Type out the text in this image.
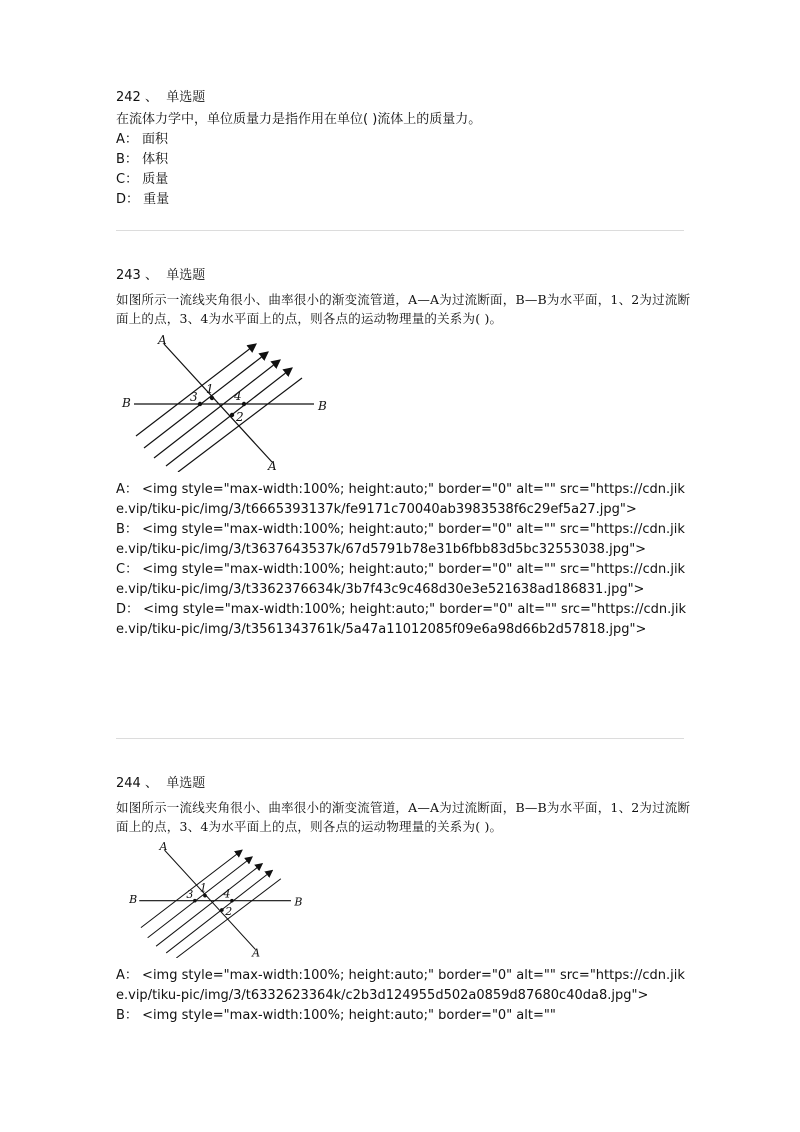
242 、  单选题
在流体力学中，单位质量力是指作用在单位( )流体上的质量力。
A： 面积
B： 体积
C： 质量
D： 重量
243 、  单选题
如图所示一流线夹角很小、曲率很小的渐变流管道，A—A为过流断面，B—B为水平面，1、2为过流断面上的点，3、4为水平面上的点，则各点的运动物理量的关系为( )。
A
A
B	B
1
2
3	4
A： <img style="max-width:100%; height:auto;" border="0" alt="" src="https://cdn.jike.vip/tiku-pic/img/3/t6665393137k/fe9171c70040ab3983538f6c29ef5a27.jpg">
B： <img style="max-width:100%; height:auto;" border="0" alt="" src="https://cdn.jike.vip/tiku-pic/img/3/t3637643537k/67d5791b78e31b6fbb83d5bc32553038.jpg">
C： <img style="max-width:100%; height:auto;" border="0" alt="" src="https://cdn.jike.vip/tiku-pic/img/3/t3362376634k/3b7f43c9c468d30e3e521638ad186831.jpg">
D： <img style="max-width:100%; height:auto;" border="0" alt="" src="https://cdn.jike.vip/tiku-pic/img/3/t3561343761k/5a47a11012085f09e6a98d66b2d57818.jpg">
244 、  单选题
如图所示一流线夹角很小、曲率很小的渐变流管道，A—A为过流断面，B—B为水平面，1、2为过流断面上的点，3、4为水平面上的点，则各点的运动物理量的关系为( )。
A
A
B	B
1
2
3 4
A： <img style="max-width:100%; height:auto;" border="0" alt="" src="https://cdn.jike.vip/tiku-pic/img/3/t6332623364k/c2b3d124955d502a0859d87680c40da8.jpg">
B： <img style="max-width:100%; height:auto;" border="0" alt=""
